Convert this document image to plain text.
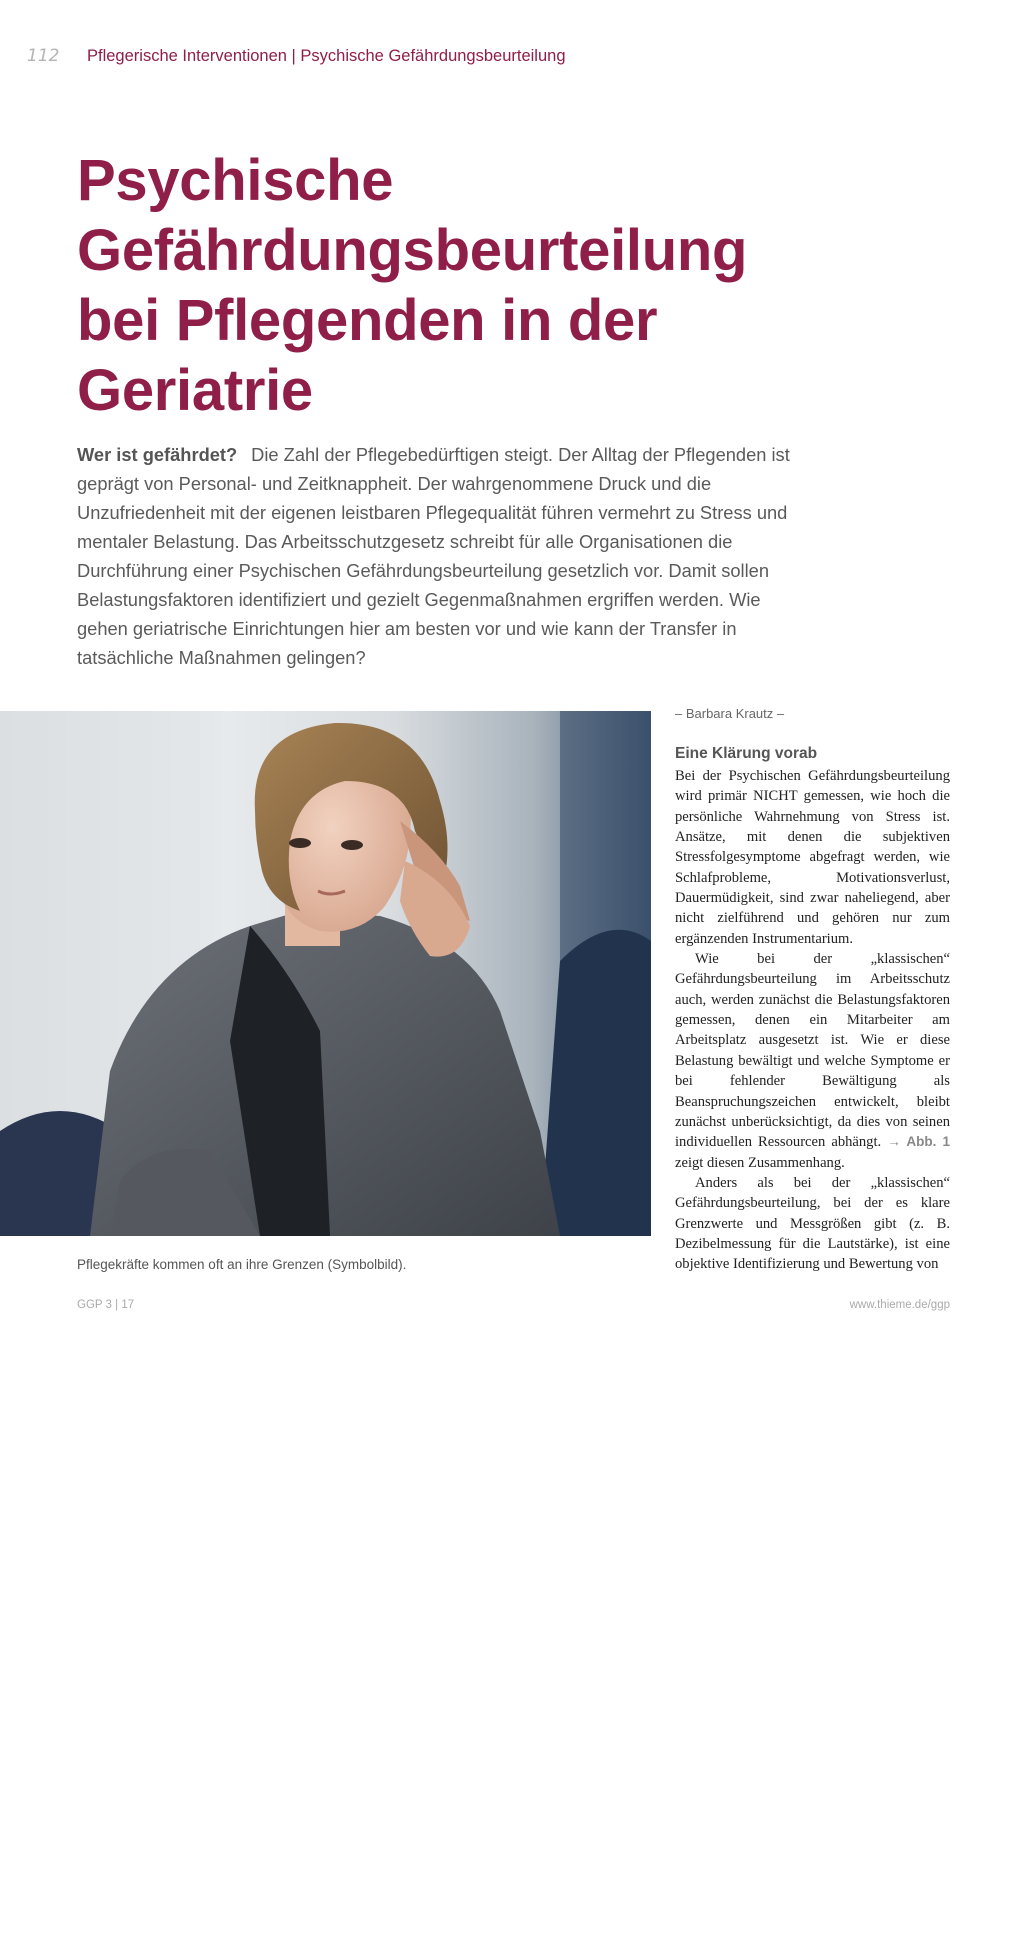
112	Pflegerische Interventionen | Psychische Gefährdungsbeurteilung
Psychische
Gefährdungsbeurteilung
bei Pflegenden in der
Geriatrie

Wer ist gefährdet? Die Zahl der Pflegebedürftigen steigt. Der Alltag der Pflegenden ist geprägt von Personal- und Zeitknappheit. Der wahrgenommene Druck und die Unzufriedenheit mit der eigenen leistbaren Pflegequalität führen vermehrt zu Stress und mentaler Belastung. Das Arbeitsschutzgesetz schreibt für alle Organisationen die Durchführung einer Psychischen Gefährdungsbeurteilung gesetzlich vor. Damit sollen Belastungsfaktoren identifiziert und gezielt Gegenmaßnahmen ergriffen werden. Wie gehen geriatrische Einrichtungen hier am besten vor und wie kann der Transfer in tatsächliche Maßnahmen gelingen?

Paavo Blåfield
Pflegekräfte kommen oft an ihre Grenzen (Symbolbild).
– Barbara Krautz –
Eine Klärung vorab

Bei der Psychischen Gefährdungsbeurteilung wird primär NICHT gemessen, wie hoch die persönliche Wahrnehmung von Stress ist. Ansätze, mit denen die subjektiven Stressfolgesymptome abgefragt werden, wie Schlafprobleme, Motivationsverlust, Dauermüdigkeit, sind zwar naheliegend, aber nicht zielführend und gehören nur zum ergänzenden Instrumentarium.

Wie bei der „klassischen“ Gefährdungsbeurteilung im Arbeitsschutz auch, werden zunächst die Belastungsfaktoren gemessen, denen ein Mitarbeiter am Arbeitsplatz ausgesetzt ist. Wie er diese Belastung bewältigt und welche Symptome er bei fehlender Bewältigung als Beanspruchungszeichen entwickelt, bleibt zunächst unberücksichtigt, da dies von seinen individuellen Ressourcen abhängt. → Abb. 1 zeigt diesen Zusammenhang.

Anders als bei der „klassischen“ Gefährdungsbeurteilung, bei der es klare Grenzwerte und Messgrößen gibt (z. B. Dezibelmessung für die Lautstärke), ist eine objektive Identifizierung und Bewertung von

GGP 3 | 17	www.thieme.de/ggp
